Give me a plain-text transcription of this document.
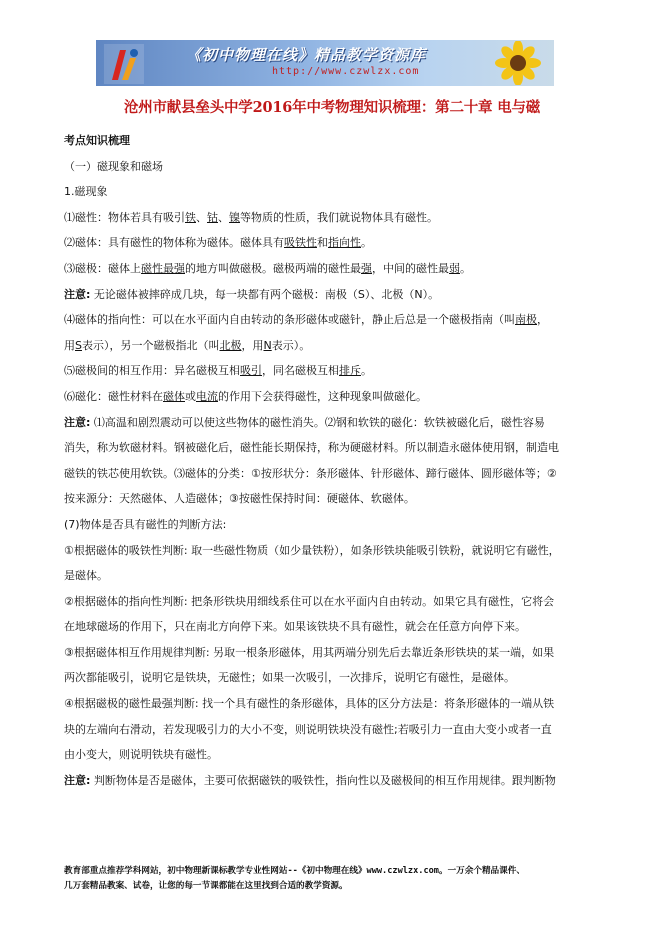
《初中物理在线》精品教学资源库
http://www.czwlzx.com
沧州市献县垒头中学2016年中考物理知识梳理：第二十章 电与磁

考点知识梳理

（一）磁现象和磁场

1.磁现象

⑴磁性：物体若具有吸引铁、钴、镍等物质的性质，我们就说物体具有磁性。

⑵磁体：具有磁性的物体称为磁体。磁体具有吸铁性和指向性。

⑶磁极：磁体上磁性最强的地方叫做磁极。磁极两端的磁性最强，中间的磁性最弱。

注意: 无论磁体被摔碎成几块，每一块都有两个磁极：南极（S）、北极（N）。

⑷磁体的指向性：可以在水平面内自由转动的条形磁体或磁针，静止后总是一个磁极指南（叫南极，

用S表示），另一个磁极指北（叫北极，用N表示）。

⑸磁极间的相互作用：异名磁极互相吸引，同名磁极互相排斥。

⑹磁化：磁性材料在磁体或电流的作用下会获得磁性，这种现象叫做磁化。

注意: ⑴高温和剧烈震动可以使这些物体的磁性消失。⑵钢和软铁的磁化：软铁被磁化后，磁性容易

消失，称为软磁材料。钢被磁化后，磁性能长期保持，称为硬磁材料。所以制造永磁体使用钢，制造电

磁铁的铁芯使用软铁。⑶磁体的分类：①按形状分：条形磁体、针形磁体、蹄行磁体、圆形磁体等；②

按来源分：天然磁体、人造磁体；③按磁性保持时间：硬磁体、软磁体。

(7)物体是否具有磁性的判断方法:

①根据磁体的吸铁性判断: 取一些磁性物质（如少量铁粉），如条形铁块能吸引铁粉，就说明它有磁性，

是磁体。

②根据磁体的指向性判断: 把条形铁块用细线系住可以在水平面内自由转动。如果它具有磁性，它将会

在地球磁场的作用下，只在南北方向停下来。如果该铁块不具有磁性，就会在任意方向停下来。

③根据磁体相互作用规律判断: 另取一根条形磁体，用其两端分别先后去靠近条形铁块的某一端，如果

两次都能吸引，说明它是铁块，无磁性；如果一次吸引，一次排斥，说明它有磁性，是磁体。

④根据磁极的磁性最强判断: 找一个具有磁性的条形磁体，具体的区分方法是：将条形磁体的一端从铁

块的左端向右滑动，若发现吸引力的大小不变，则说明铁块没有磁性;若吸引力一直由大变小或者一直

由小变大，则说明铁块有磁性。

注意: 判断物体是否是磁体，主要可依据磁铁的吸铁性，指向性以及磁极间的相互作用规律。跟判断物

教育部重点推荐学科网站，初中物理新课标教学专业性网站--《初中物理在线》www.czwlzx.com。一万余个精品课件、
几万套精品教案、试卷，让您的每一节课都能在这里找到合适的教学资源。
